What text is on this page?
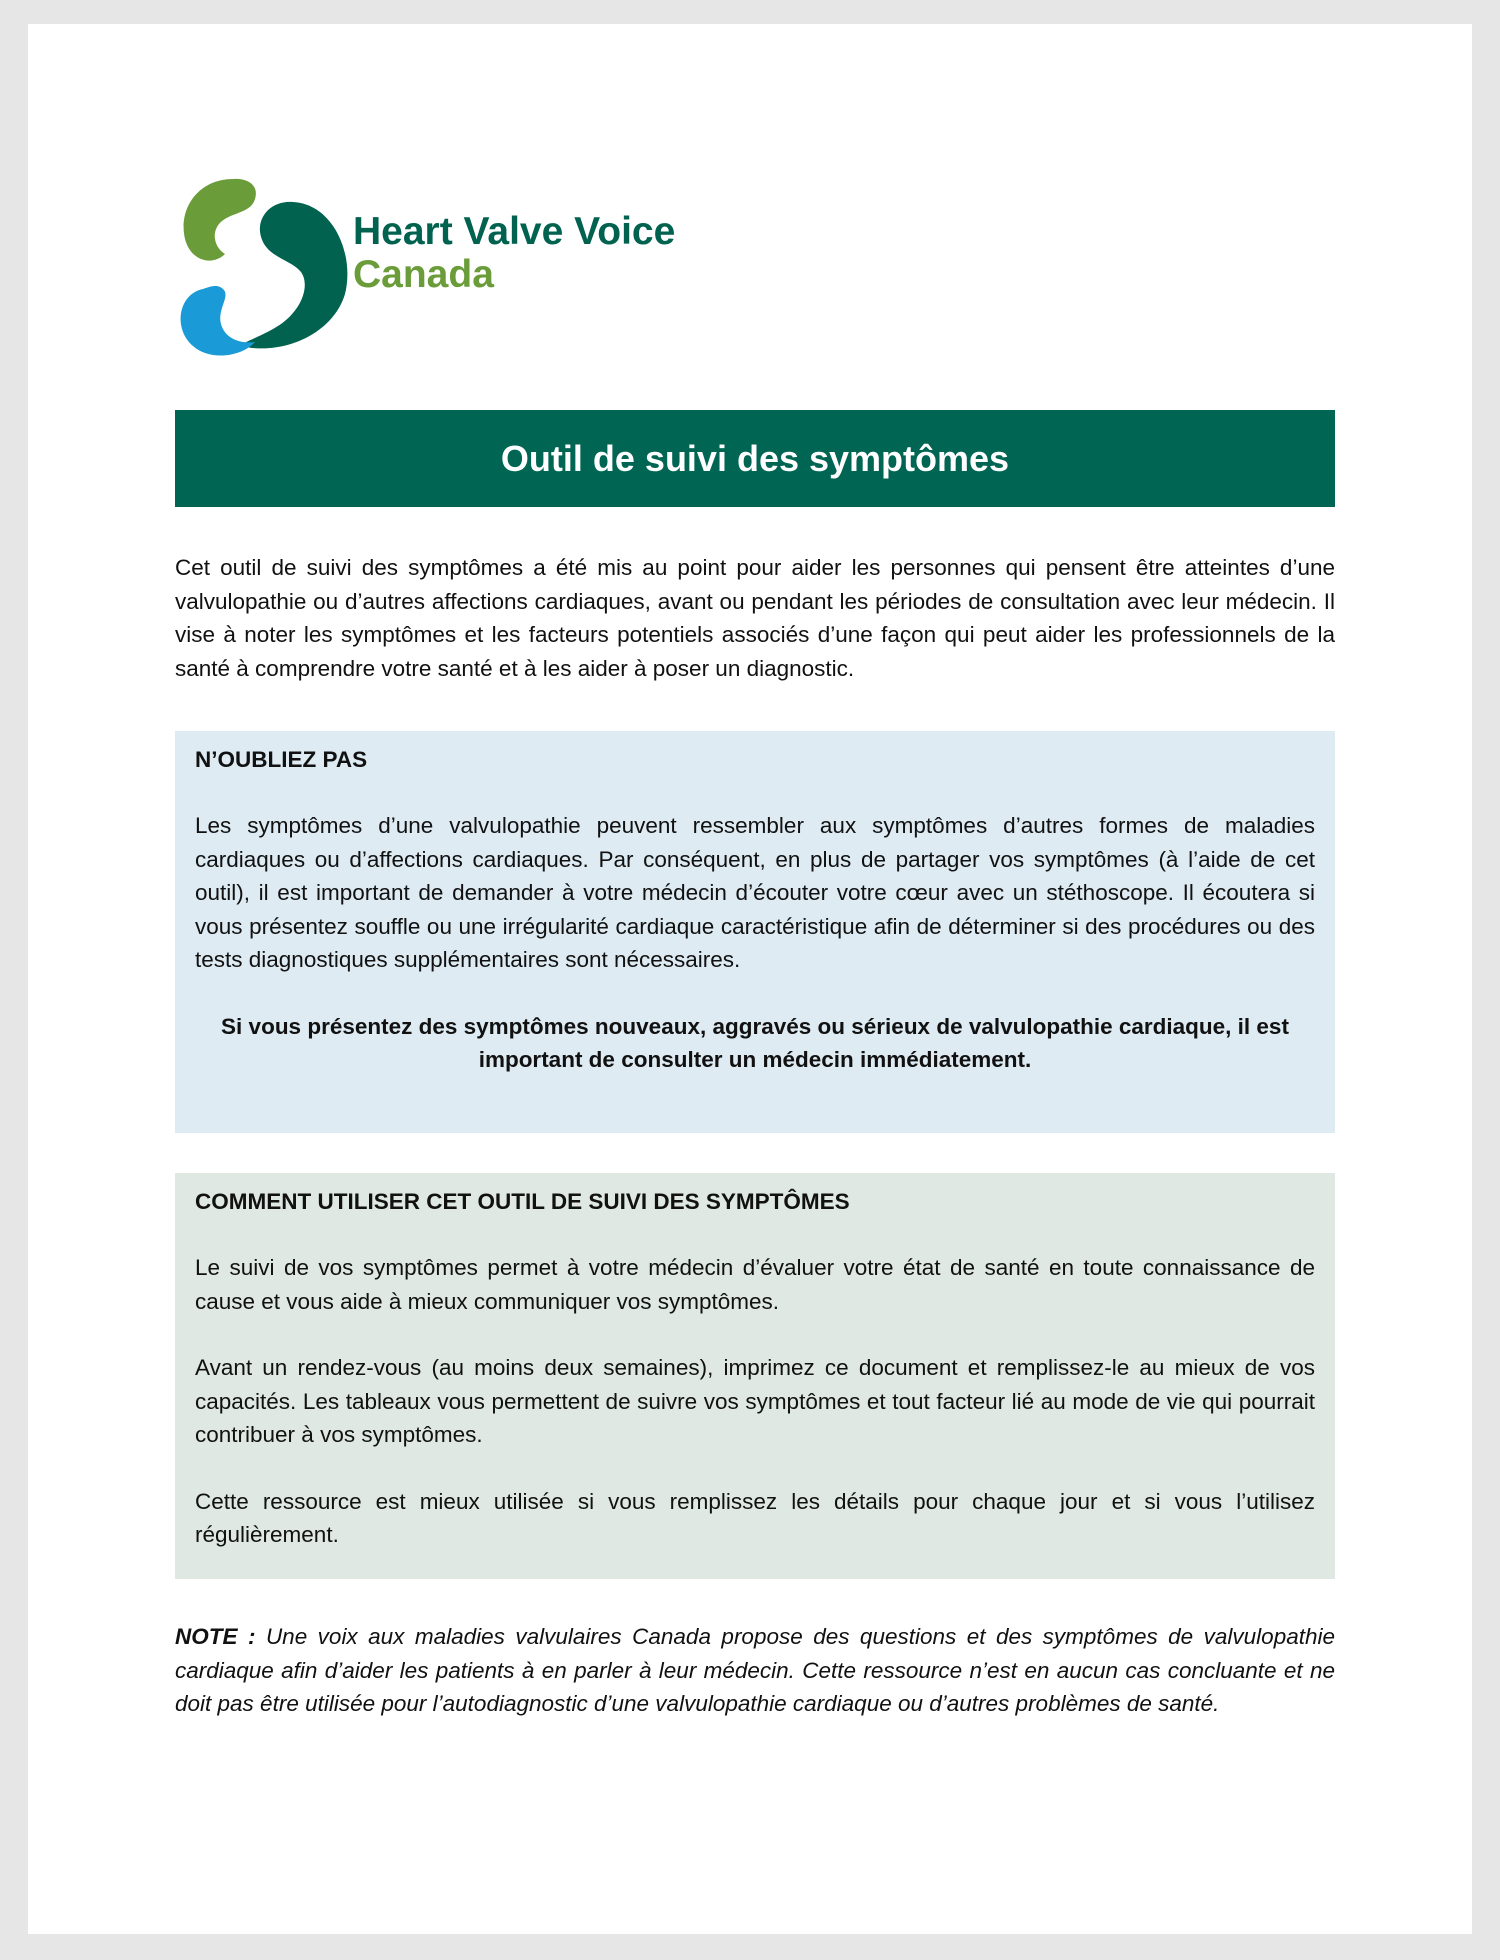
Heart Valve Voice
Canada
Outil de suivi des symptômes

Cet outil de suivi des symptômes a été mis au point pour aider les personnes qui pensent être atteintes d’une valvulopathie ou d’autres affections cardiaques, avant ou pendant les périodes de consultation avec leur médecin. Il vise à noter les symptômes et les facteurs potentiels associés d’une façon qui peut aider les professionnels de la santé à comprendre votre santé et à les aider à poser un diagnostic.

N’OUBLIEZ PAS

Les symptômes d’une valvulopathie peuvent ressembler aux symptômes d’autres formes de maladies cardiaques ou d’affections cardiaques. Par conséquent, en plus de partager vos symptômes (à l’aide de cet outil), il est important de demander à votre médecin d’écouter votre cœur avec un stéthoscope. Il écoutera si vous présentez souffle ou une irrégularité cardiaque caractéristique afin de déterminer si des procédures ou des tests diagnostiques supplémentaires sont nécessaires.

Si vous présentez des symptômes nouveaux, aggravés ou sérieux de valvulopathie cardiaque, il est important de consulter un médecin immédiatement.

COMMENT UTILISER CET OUTIL DE SUIVI DES SYMPTÔMES

Le suivi de vos symptômes permet à votre médecin d’évaluer votre état de santé en toute connaissance de cause et vous aide à mieux communiquer vos symptômes.

Avant un rendez-vous (au moins deux semaines), imprimez ce document et remplissez-le au mieux de vos capacités. Les tableaux vous permettent de suivre vos symptômes et tout facteur lié au mode de vie qui pourrait contribuer à vos symptômes.

Cette ressource est mieux utilisée si vous remplissez les détails pour chaque jour et si vous l’utilisez régulièrement.

NOTE : Une voix aux maladies valvulaires Canada propose des questions et des symptômes de valvulopathie cardiaque afin d’aider les patients à en parler à leur médecin. Cette ressource n’est en aucun cas concluante et ne doit pas être utilisée pour l’autodiagnostic d’une valvulopathie cardiaque ou d’autres problèmes de santé.
